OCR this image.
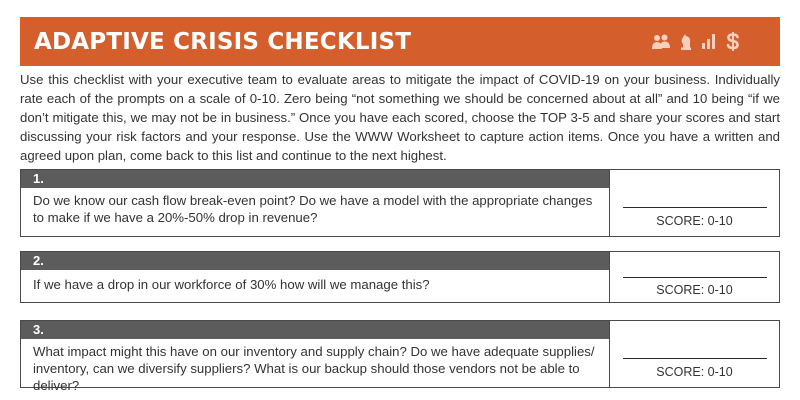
ADAPTIVE CRISIS CHECKLIST

Use this checklist with your executive team to evaluate areas to mitigate the impact of COVID-19 on your business. Individually rate each of the prompts on a scale of 0-10. Zero being “not something we should be concerned about at all” and 10 being “if we don’t mitigate this, we may not be in business.” Once you have each scored, choose the TOP 3-5 and share your scores and start discussing your risk factors and your response. Use the WWW Worksheet to capture action items. Once you have a written and agreed upon plan, come back to this list and continue to the next highest.

1.
Do we know our cash flow break-even point? Do we have a model with the appropriate changes to make if we have a 20%-50% drop in revenue?	SCORE: 0-10
2.
If we have a drop in our workforce of 30% how will we manage this?	SCORE: 0-10
3.
What impact might this have on our inventory and supply chain? Do we have adequate supplies/ inventory, can we diversify suppliers? What is our backup should those vendors not be able to deliver?
SCORE: 0-10
